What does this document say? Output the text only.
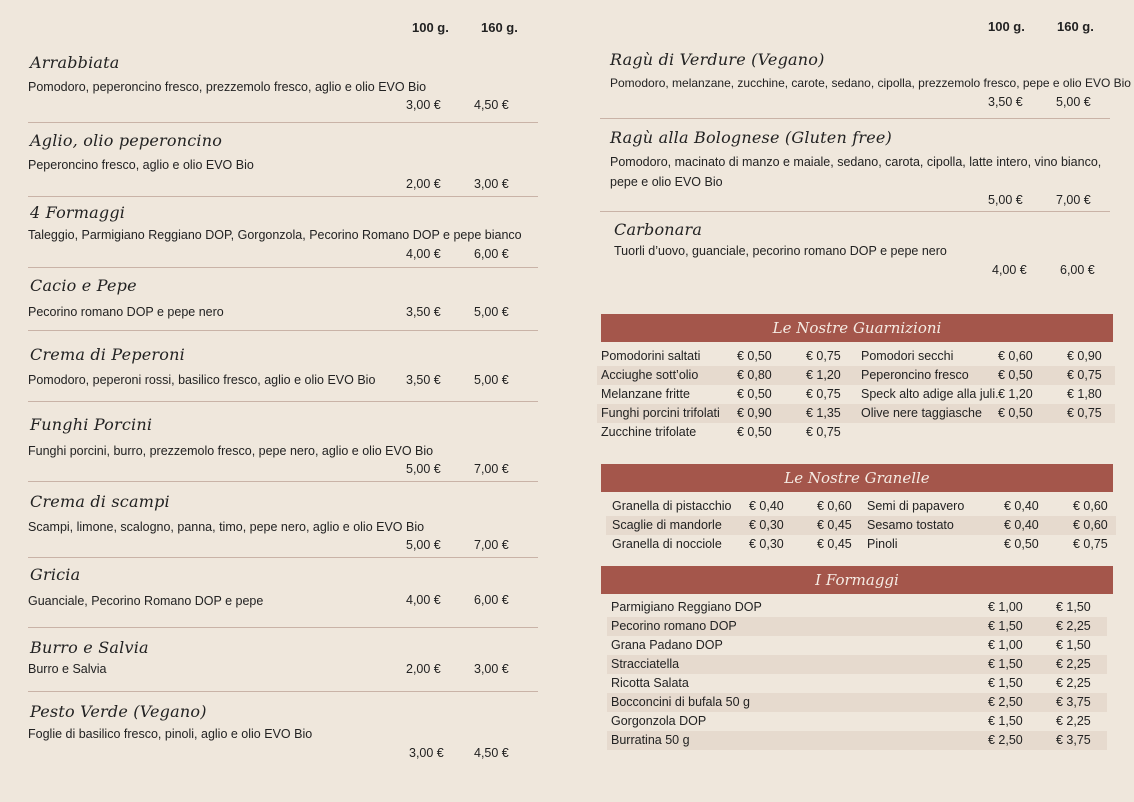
100 g. 160 g.	100 g. 160 g.
Arrabbiata
Pomodoro, peperoncino fresco, prezzemolo fresco, aglio e olio EVO Bio
3,00 €	4,50 €
Aglio, olio peperoncino
Peperoncino fresco, aglio e olio EVO Bio
2,00 €	3,00 €
4 Formaggi
Taleggio, Parmigiano Reggiano DOP, Gorgonzola, Pecorino Romano DOP e pepe bianco
4,00 €	6,00 €
Cacio e Pepe
Pecorino romano DOP e pepe nero	3,50 €	5,00 €
Crema di Peperoni
Pomodoro, peperoni rossi, basilico fresco, aglio e olio EVO Bio 3,50 €	5,00 €
Funghi Porcini
Funghi porcini, burro, prezzemolo fresco, pepe nero, aglio e olio EVO Bio
5,00 €	7,00 €
Crema di scampi
Scampi, limone, scalogno, panna, timo, pepe nero, aglio e olio EVO Bio
5,00 €	7,00 €
Gricia
Guanciale, Pecorino Romano DOP e pepe	4,00 €	6,00 €
Burro e Salvia
Burro e Salvia	2,00 €	3,00 €
Pesto Verde (Vegano)
Foglie di basilico fresco, pinoli, aglio e olio EVO Bio
3,00 € 4,50 €
Ragù di Verdure (Vegano)
Pomodoro, melanzane, zucchine, carote, sedano, cipolla, prezzemolo fresco, pepe e olio EVO Bio
3,50 €	5,00 €
Ragù alla Bolognese (Gluten free)
Pomodoro, macinato di manzo e maiale, sedano, carota, cipolla, latte intero, vino bianco,
pepe e olio EVO Bio
5,00 €	7,00 €
Carbonara
Tuorli d’uovo, guanciale, pecorino romano DOP e pepe nero
4,00 €	6,00 €
Le Nostre Guarnizioni
Pomodorini saltati	€ 0,50	€ 0,75 Pomodori secchi	€ 0,60	€ 0,90
Acciughe sott’olio	€ 0,80	€ 1,20 Peperoncino fresco € 0,50	€ 0,75
Melanzane fritte	€ 0,50	€ 0,75 Speck alto adige alla juli. € 1,20	€ 1,80
Funghi porcini trifolati € 0,90	€ 1,35 Olive nere taggiasche € 0,50	€ 0,75
Zucchine trifolate	€ 0,50	€ 0,75
Le Nostre Granelle
Granella di pistacchio € 0,40	€ 0,60 Semi di papavero	€ 0,40	€ 0,60
Scaglie di mandorle € 0,30	€ 0,45 Sesamo tostato	€ 0,40	€ 0,60
Granella di nocciole € 0,30	€ 0,45 Pinoli	€ 0,50	€ 0,75
I Formaggi
Parmigiano Reggiano DOP	€ 1,00	€ 1,50
Pecorino romano DOP	€ 1,50	€ 2,25
Grana Padano DOP	€ 1,00	€ 1,50
Stracciatella	€ 1,50	€ 2,25
Ricotta Salata	€ 1,50	€ 2,25
Bocconcini di bufala 50 g	€ 2,50	€ 3,75
Gorgonzola DOP	€ 1,50	€ 2,25
Burratina 50 g	€ 2,50	€ 3,75
